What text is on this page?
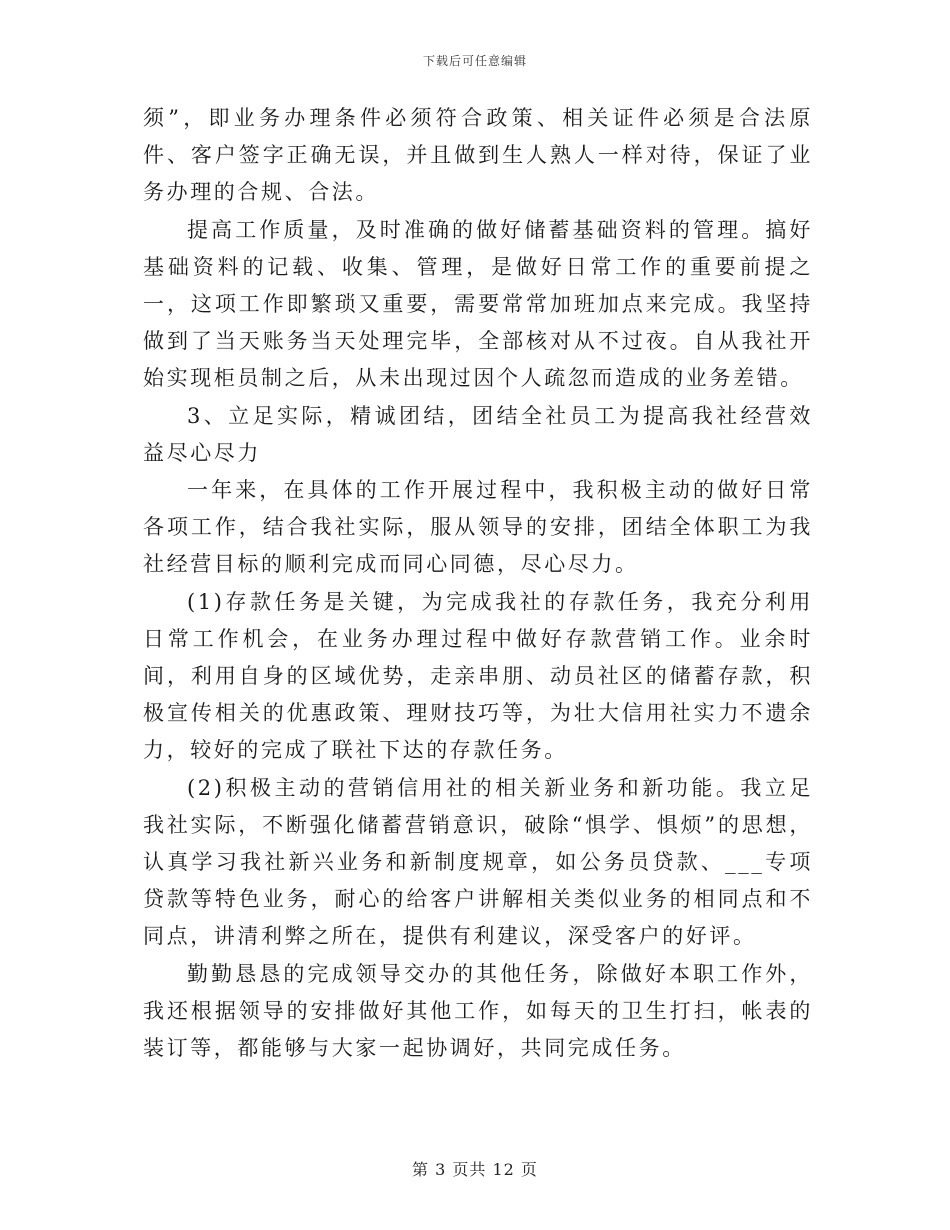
下载后可任意编辑

须”，即业务办理条件必须符合政策、相关证件必须是合法原件、客户签字正确无误，并且做到生人熟人一样对待，保证了业务办理的合规、合法。

提高工作质量，及时准确的做好储蓄基础资料的管理。搞好基础资料的记载、收集、管理，是做好日常工作的重要前提之一，这项工作即繁琐又重要，需要常常加班加点来完成。我坚持做到了当天账务当天处理完毕，全部核对从不过夜。自从我社开始实现柜员制之后，从未出现过因个人疏忽而造成的业务差错。

3、立足实际，精诚团结，团结全社员工为提高我社经营效益尽心尽力

一年来，在具体的工作开展过程中，我积极主动的做好日常各项工作，结合我社实际，服从领导的安排，团结全体职工为我社经营目标的顺利完成而同心同德，尽心尽力。

(1)存款任务是关键，为完成我社的存款任务，我充分利用日常工作机会，在业务办理过程中做好存款营销工作。业余时间，利用自身的区域优势，走亲串朋、动员社区的储蓄存款，积极宣传相关的优惠政策、理财技巧等，为壮大信用社实力不遗余力，较好的完成了联社下达的存款任务。

(2)积极主动的营销信用社的相关新业务和新功能。我立足我社实际，不断强化储蓄营销意识，破除“惧学、惧烦”的思想，认真学习我社新兴业务和新制度规章，如公务员贷款、___专项贷款等特色业务，耐心的给客户讲解相关类似业务的相同点和不同点，讲清利弊之所在，提供有利建议，深受客户的好评。

勤勤恳恳的完成领导交办的其他任务，除做好本职工作外，我还根据领导的安排做好其他工作，如每天的卫生打扫，帐表的装订等，都能够与大家一起协调好，共同完成任务。

第 3 页共 12 页
